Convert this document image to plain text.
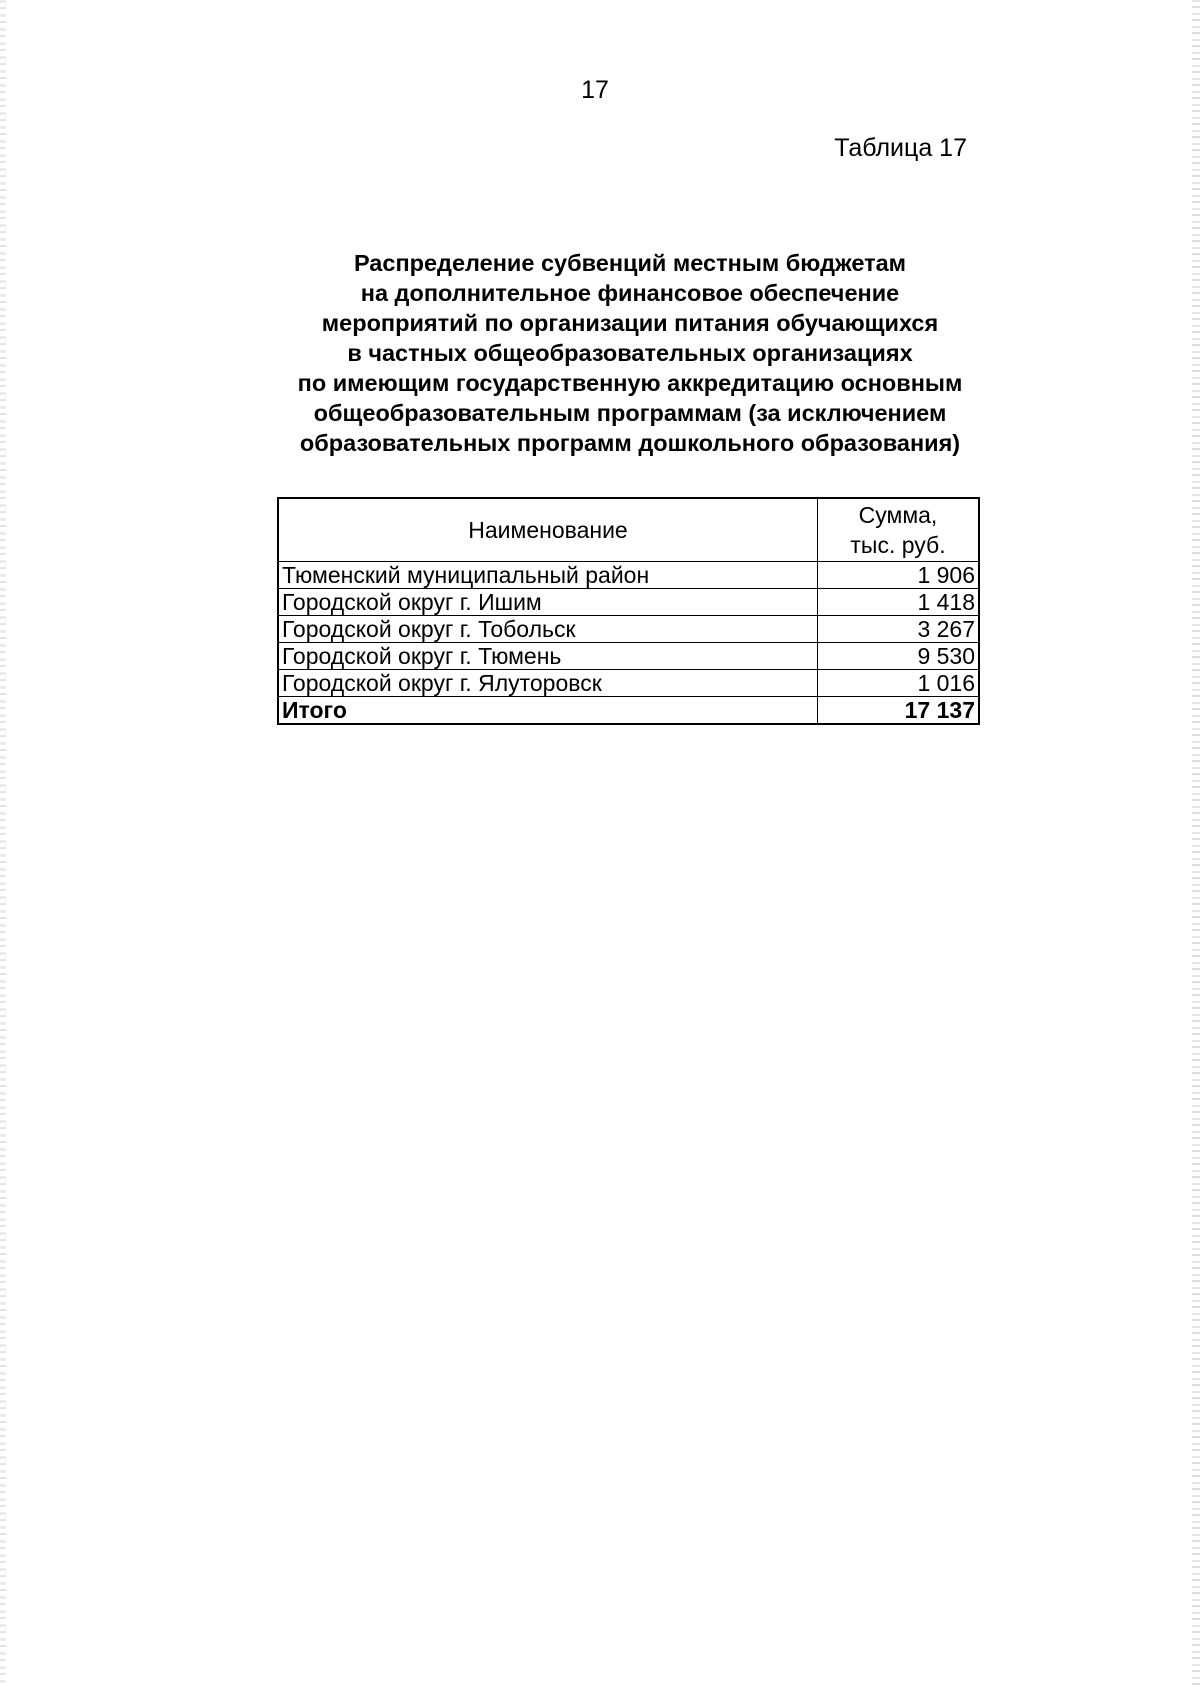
17
Таблица 17
Распределение субвенций местным бюджетам
на дополнительное финансовое обеспечение
мероприятий по организации питания обучающихся
в частных общеобразовательных организациях
по имеющим государственную аккредитацию основным
общеобразовательным программам (за исключением
образовательных программ дошкольного образования)
Наименование	Сумма,
тыс. руб.

Тюменский муниципальный район	1 906
Городской округ г. Ишим	1 418
Городской округ г. Тобольск	3 267
Городской округ г. Тюмень	9 530
Городской округ г. Ялуторовск	1 016
Итого	17 137
